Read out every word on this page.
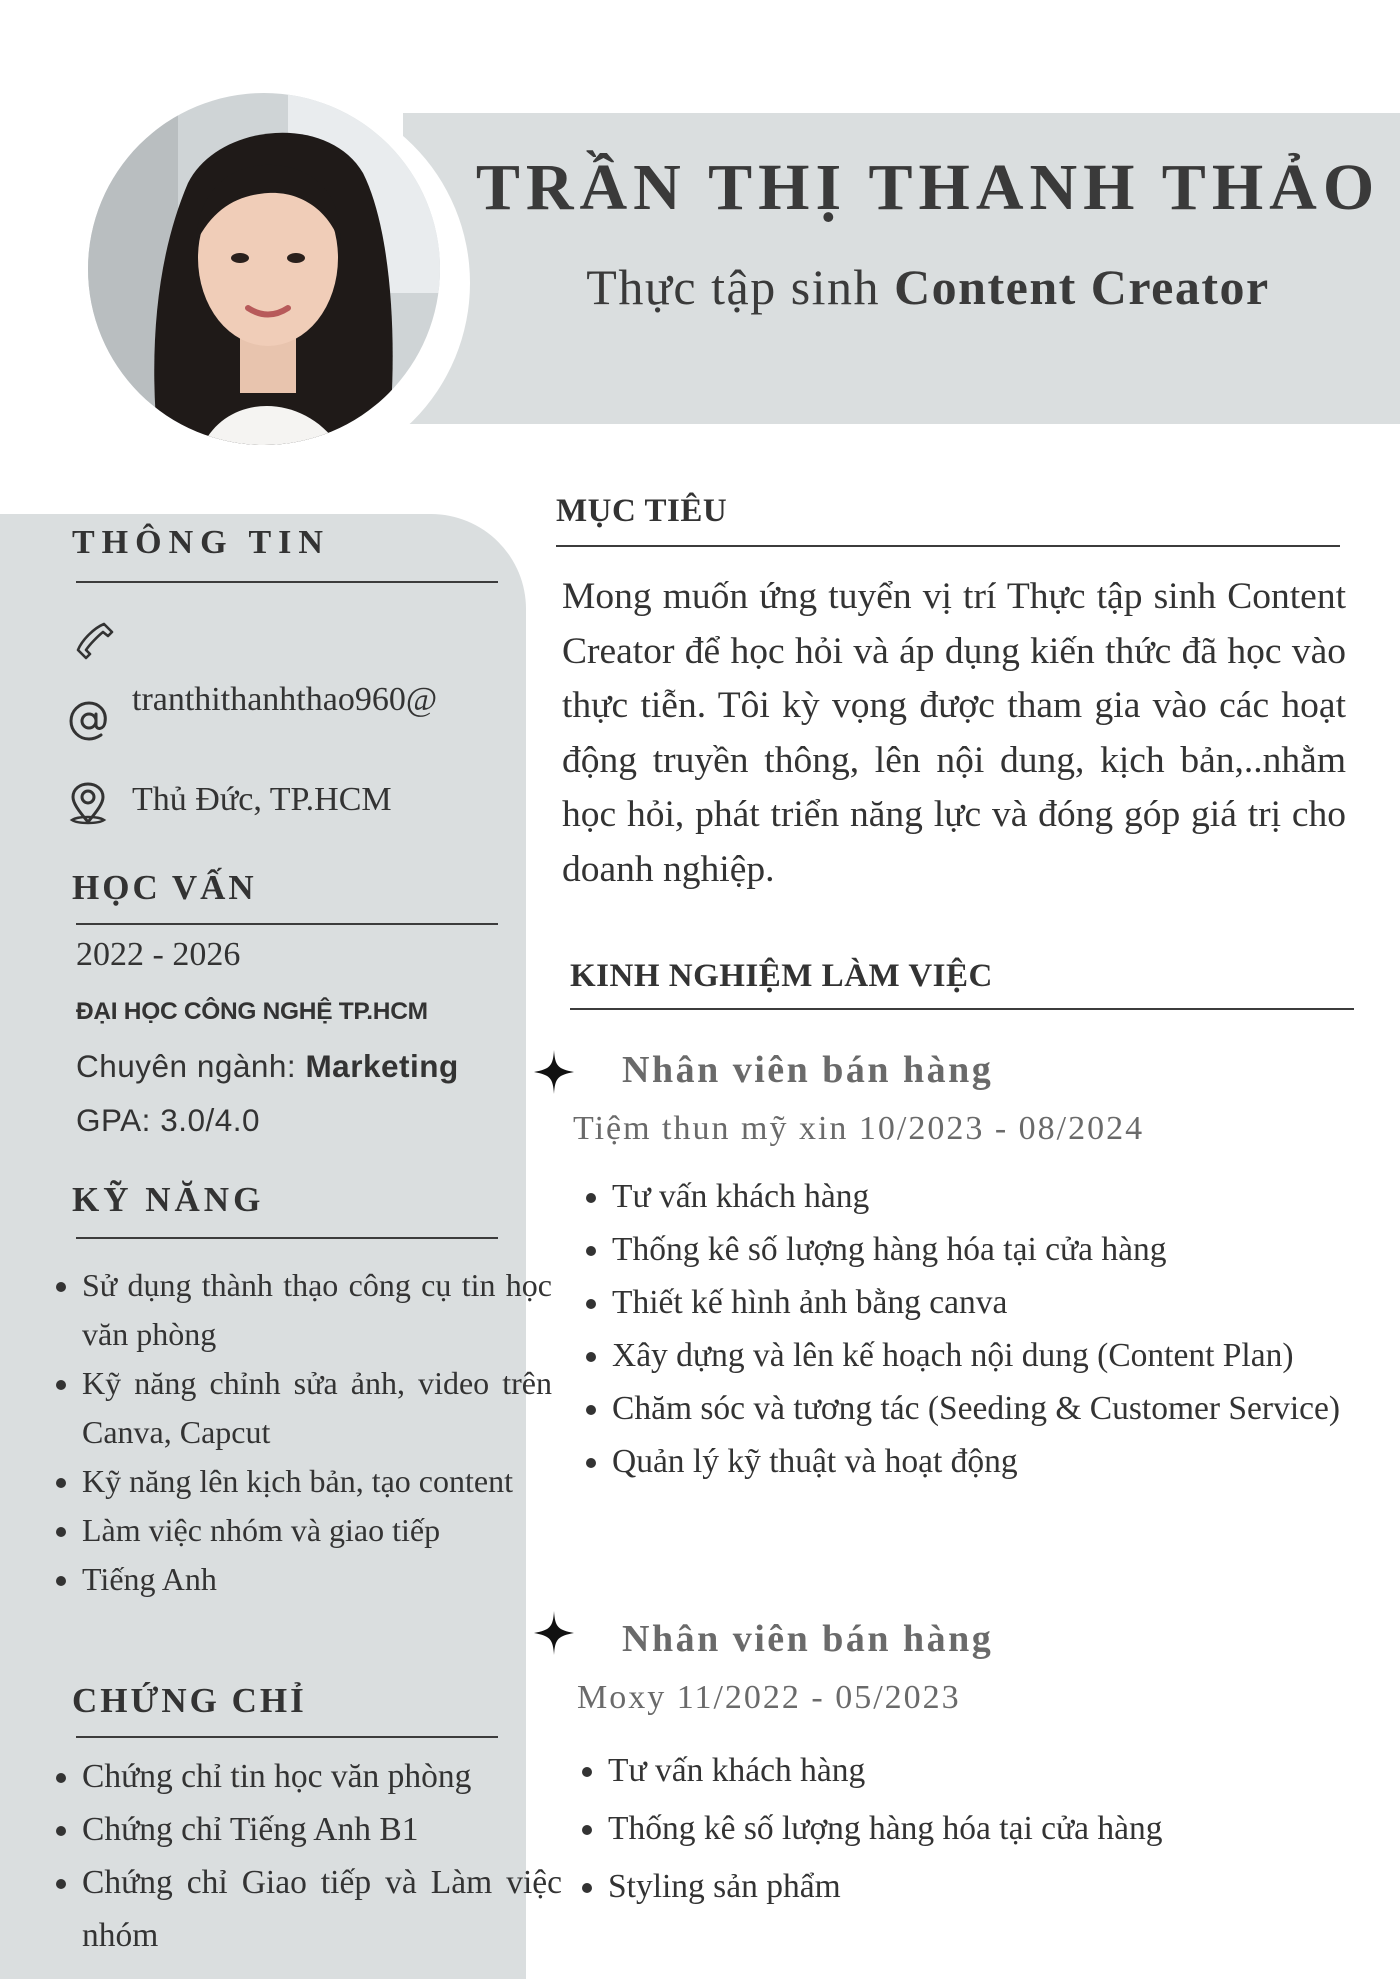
TRẦN THỊ THANH THẢO
Thực tập sinh Content Creator
THÔNG TIN
tranthithanhthao960@
Thủ Đức, TP.HCM
HỌC VẤN
2022 - 2026
ĐẠI HỌC CÔNG NGHỆ TP.HCM
Chuyên ngành: Marketing
GPA: 3.0/4.0
KỸ NĂNG
• Sử dụng thành thạo công cụ tin học văn phòng
• Kỹ năng chỉnh sửa ảnh, video trên Canva, Capcut
• Kỹ năng lên kịch bản, tạo content
• Làm việc nhóm và giao tiếp
• Tiếng Anh
CHỨNG CHỈ
• Chứng chỉ tin học văn phòng
• Chứng chỉ Tiếng Anh B1
• Chứng chỉ Giao tiếp và Làm việc nhóm
MỤC TIÊU

Mong muốn ứng tuyển vị trí Thực tập sinh Content Creator để học hỏi và áp dụng kiến thức đã học vào thực tiễn. Tôi kỳ vọng được tham gia vào các hoạt động truyền thông, lên nội dung, kịch bản,..nhằm học hỏi, phát triển năng lực và đóng góp giá trị cho doanh nghiệp.

KINH NGHIỆM LÀM VIỆC
Nhân viên bán hàng
Tiệm thun mỹ xin 10/2023 - 08/2024
• Tư vấn khách hàng
• Thống kê số lượng hàng hóa tại cửa hàng
• Thiết kế hình ảnh bằng canva
• Xây dựng và lên kế hoạch nội dung (Content Plan)
• Chăm sóc và tương tác (Seeding & Customer Service)
• Quản lý kỹ thuật và hoạt động
Nhân viên bán hàng
Moxy 11/2022 - 05/2023
• Tư vấn khách hàng
• Thống kê số lượng hàng hóa tại cửa hàng
• Styling sản phẩm
